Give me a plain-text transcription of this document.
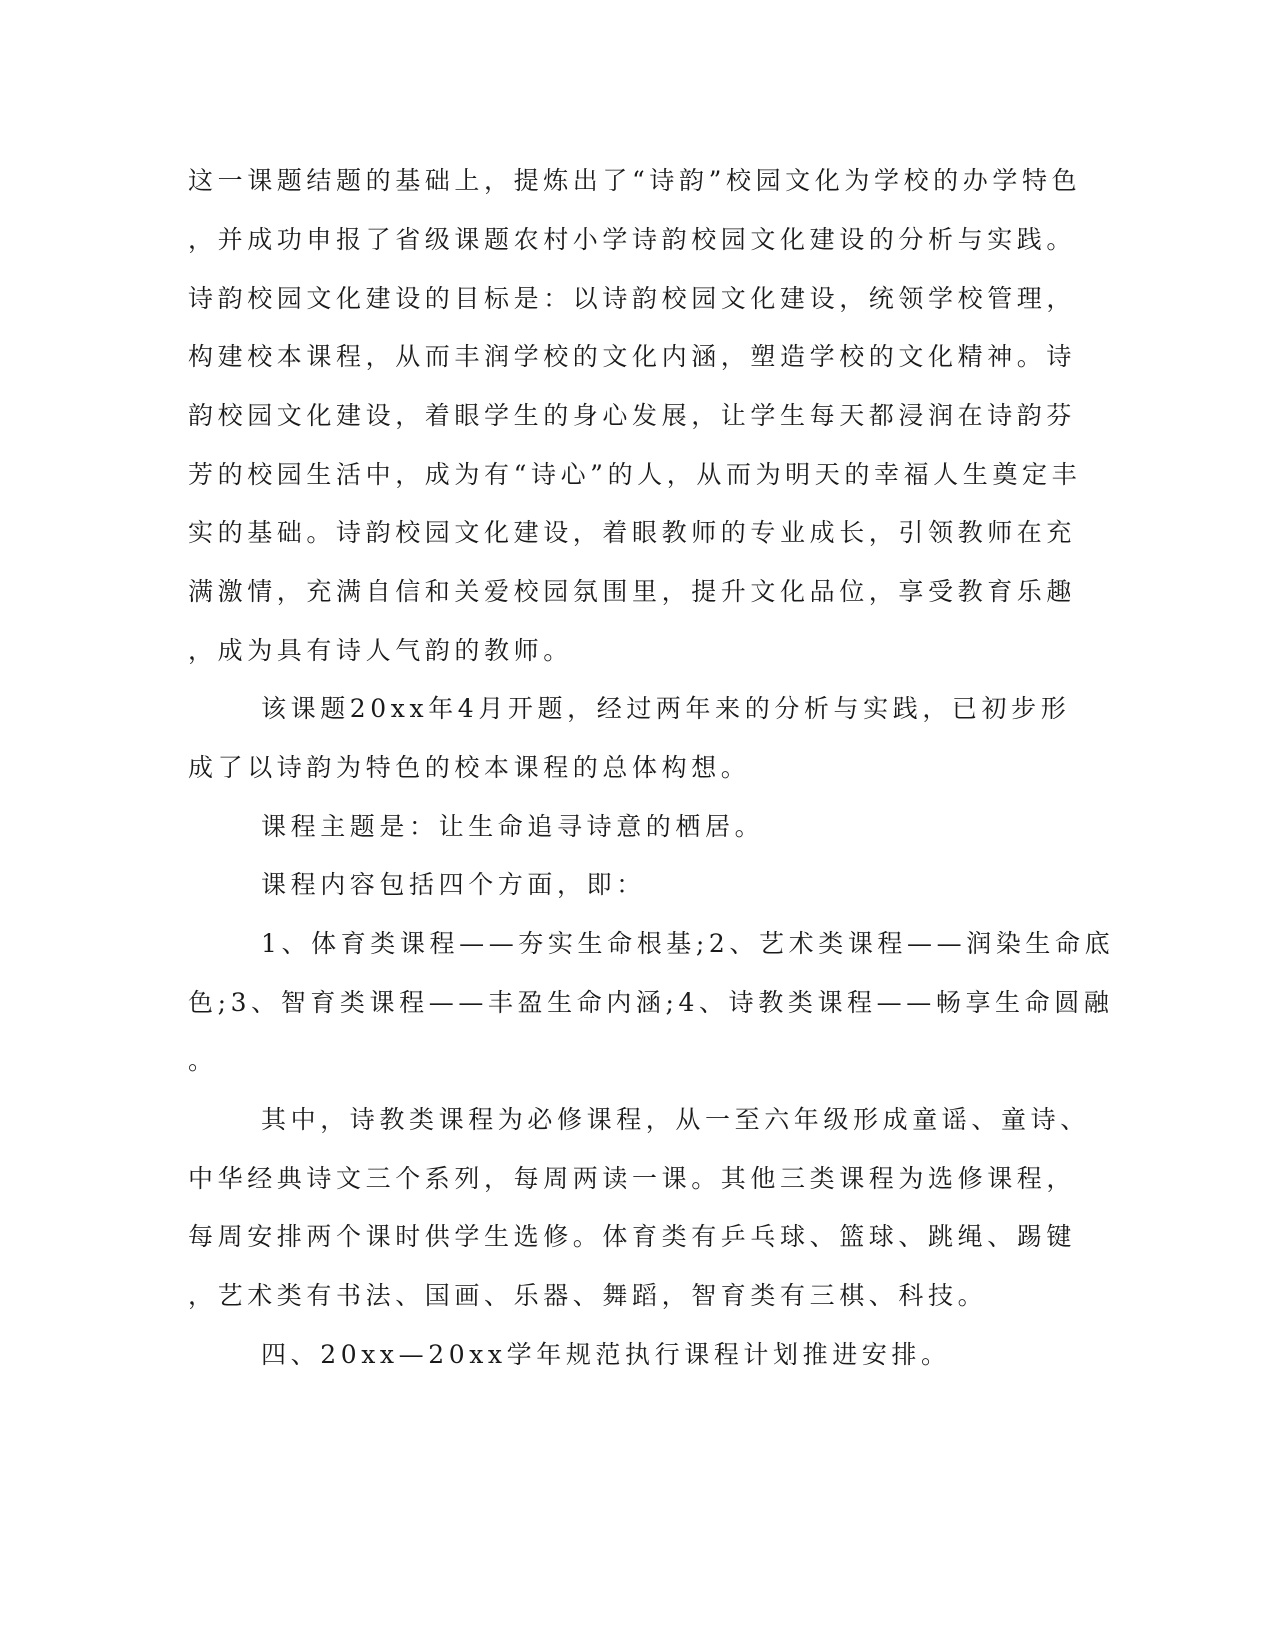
这一课题结题的基础上，提炼出了“诗韵”校园文化为学校的办学特色

，并成功申报了省级课题农村小学诗韵校园文化建设的分析与实践。

诗韵校园文化建设的目标是：以诗韵校园文化建设，统领学校管理，

构建校本课程，从而丰润学校的文化内涵，塑造学校的文化精神。诗

韵校园文化建设，着眼学生的身心发展，让学生每天都浸润在诗韵芬

芳的校园生活中，成为有“诗心”的人，从而为明天的幸福人生奠定丰

实的基础。诗韵校园文化建设，着眼教师的专业成长，引领教师在充

满激情，充满自信和关爱校园氛围里，提升文化品位，享受教育乐趣

，成为具有诗人气韵的教师。

该课题20xx年4月开题，经过两年来的分析与实践，已初步形

成了以诗韵为特色的校本课程的总体构想。

课程主题是：让生命追寻诗意的栖居。

课程内容包括四个方面，即：

1、体育类课程——夯实生命根基;2、艺术类课程——润染生命底

色;3、智育类课程——丰盈生命内涵;4、诗教类课程——畅享生命圆融

。

其中，诗教类课程为必修课程，从一至六年级形成童谣、童诗、

中华经典诗文三个系列，每周两读一课。其他三类课程为选修课程，

每周安排两个课时供学生选修。体育类有乒乓球、篮球、跳绳、踢键

，艺术类有书法、国画、乐器、舞蹈，智育类有三棋、科技。

四、20xx—20xx学年规范执行课程计划推进安排。
